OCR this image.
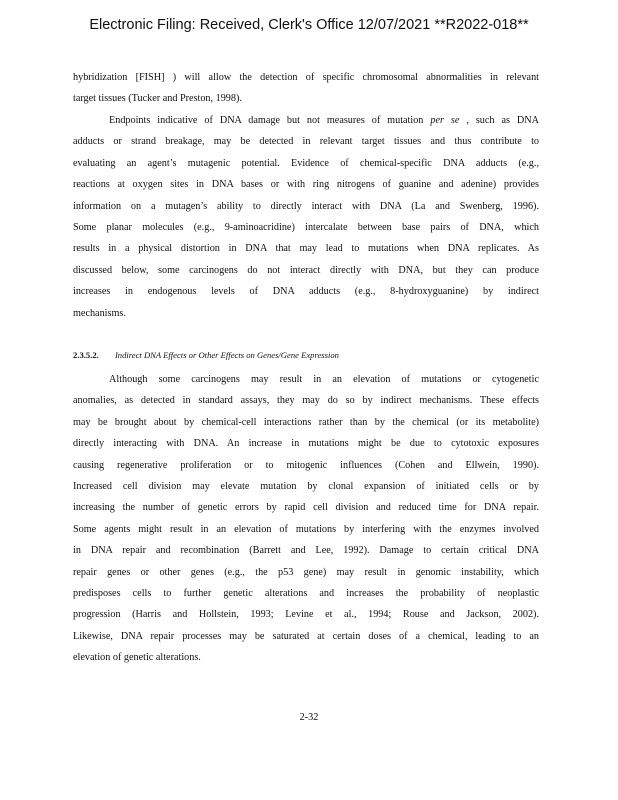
Electronic Filing: Received, Clerk's Office 12/07/2021 **R2022-018**
hybridization [FISH] ) will allow the detection of specific chromosomal abnormalities in relevant
target tissues (Tucker and Preston, 1998).
Endpoints indicative of DNA damage but not measures of mutation per se , such as DNA
adducts or strand breakage, may be detected in relevant target tissues and thus contribute to
evaluating an agent’s mutagenic potential. Evidence of chemical-specific DNA adducts (e.g.,
reactions at oxygen sites in DNA bases or with ring nitrogens of guanine and adenine) provides
information on a mutagen’s ability to directly interact with DNA (La and Swenberg, 1996).
Some planar molecules (e.g., 9-aminoacridine) intercalate between base pairs of DNA, which
results in a physical distortion in DNA that may lead to mutations when DNA replicates. As
discussed below, some carcinogens do not interact directly with DNA, but they can produce
increases in endogenous levels of DNA adducts (e.g., 8-hydroxyguanine) by indirect
mechanisms.
2.3.5.2. Indirect DNA Effects or Other Effects on Genes/Gene Expression
Although some carcinogens may result in an elevation of mutations or cytogenetic
anomalies, as detected in standard assays, they may do so by indirect mechanisms. These effects
may be brought about by chemical-cell interactions rather than by the chemical (or its metabolite)
directly interacting with DNA. An increase in mutations might be due to cytotoxic exposures
causing regenerative proliferation or to mitogenic influences (Cohen and Ellwein, 1990).
Increased cell division may elevate mutation by clonal expansion of initiated cells or by
increasing the number of genetic errors by rapid cell division and reduced time for DNA repair.
Some agents might result in an elevation of mutations by interfering with the enzymes involved
in DNA repair and recombination (Barrett and Lee, 1992). Damage to certain critical DNA
repair genes or other genes (e.g., the p53 gene) may result in genomic instability, which
predisposes cells to further genetic alterations and increases the probability of neoplastic
progression (Harris and Hollstein, 1993; Levine et al., 1994; Rouse and Jackson, 2002).
Likewise, DNA repair processes may be saturated at certain doses of a chemical, leading to an
elevation of genetic alterations.
2-32
